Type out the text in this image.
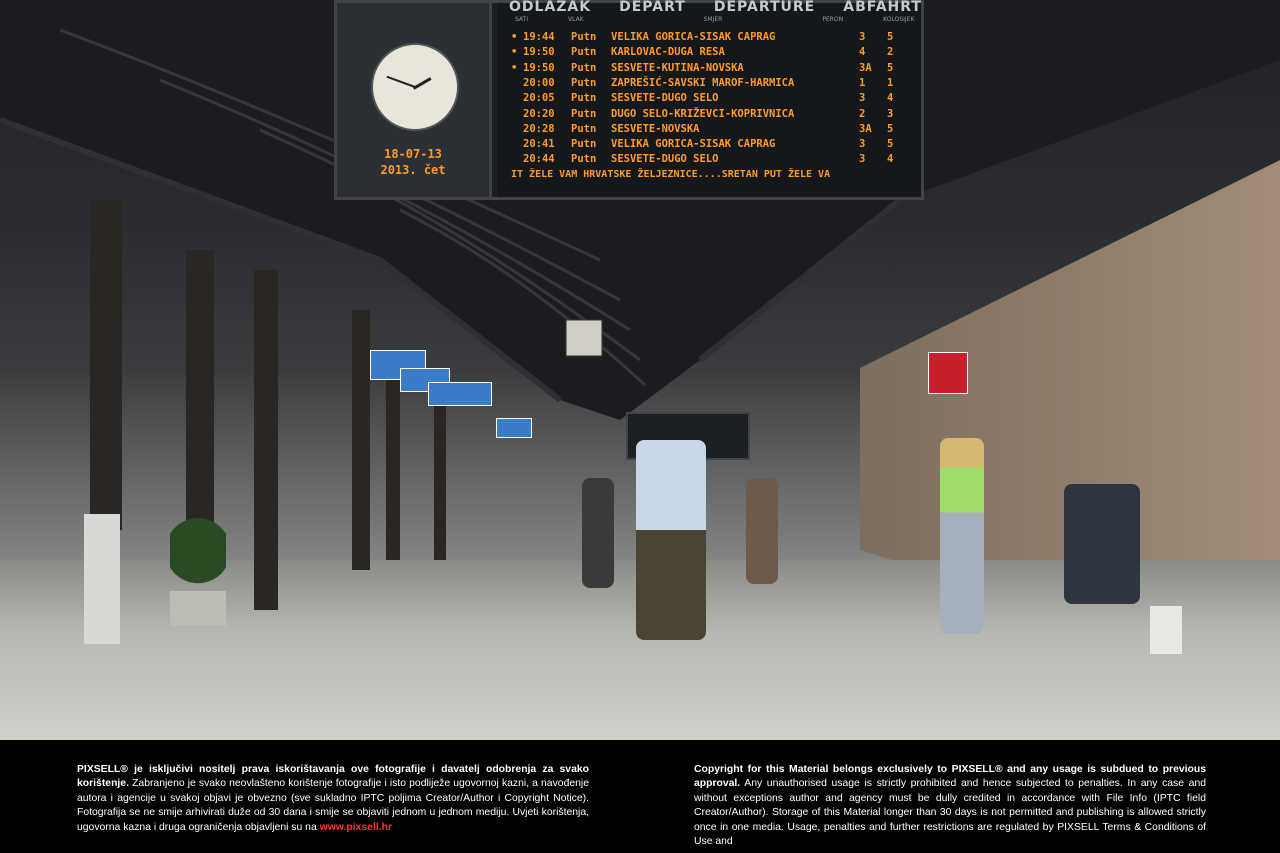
18-07-13
2013. čet
ODLAZAK DEPART DEPARTURE ABFAHRT
SATI	VLAK	SMJER	PERON	KOLOSIJEK
• 19:44	Putn	VELIKA GORICA-SISAK CAPRAG	3	5
• 19:50	Putn	KARLOVAC-DUGA RESA	4	2
• 19:50	Putn	SESVETE-KUTINA-NOVSKA	3A	5
20:00	Putn	ZAPREŠIĆ-SAVSKI MAROF-HARMICA	1	1
20:05	Putn	SESVETE-DUGO SELO	3	4
20:20	Putn	DUGO SELO-KRIŽEVCI-KOPRIVNICA	2	3
20:28	Putn	SESVETE-NOVSKA	3A	5
20:41	Putn	VELIKA GORICA-SISAK CAPRAG	3	5
20:44	Putn	SESVETE-DUGO SELO	3	4
IT ŽELE VAM HRVATSKE ŽELJEZNICE....SRETAN PUT ŽELE VA
PIXSELL® je isključivi nositelj prava iskorištavanja ove fotografije i davatelj odobrenja za svako korištenje. Zabranjeno je svako neovlašteno korištenje fotografije i isto podliježe ugovornoj kazni, a navođenje autora i agencije u svakoj objavi je obvezno (sve sukladno IPTC poljima Creator/Author i Copyright Notice). Fotografija se ne smije arhivirati duže od 30 dana i smije se objaviti jednom u jednom mediju. Uvjeti korištenja, ugovorna kazna i druga ograničenja objavljeni su na www.pixsell.hr
Copyright for this Material belongs exclusively to PIXSELL® and any usage is subdued to previous approval. Any unauthorised usage is strictly prohibited and hence subjected to penalties. In any case and without exceptions author and agency must be dully credited in accordance with File Info (IPTC field Creator/Author). Storage of this Material longer than 30 days is not permitted and publishing is allowed strictly once in one media. Usage, penalties and further restrictions are regulated by PIXSELL Terms & Conditions of Use and
